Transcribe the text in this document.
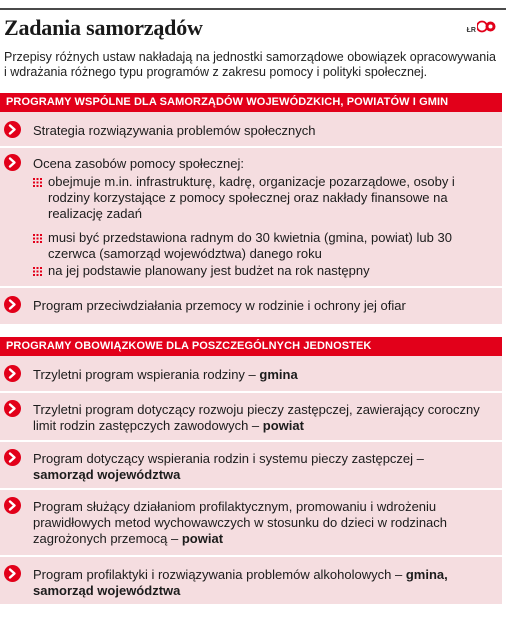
Zadania samorządów	ŁR
Przepisy różnych ustaw nakładają na jednostki samorządowe obowiązek opracowywania i wdrażania różnego typu programów z zakresu pomocy i polityki społecznej.
PROGRAMY WSPÓLNE DLA SAMORZĄDÓW WOJEWÓDZKICH, POWIATÓW I GMIN
Strategia rozwiązywania problemów społecznych
Ocena zasobów pomocy społecznej:
obejmuje m.in. infrastrukturę, kadrę, organizacje pozarządowe, osoby i rodziny korzystające z pomocy społecznej oraz nakłady finansowe na realizację zadań
musi być przedstawiona radnym do 30 kwietnia (gmina, powiat) lub 30 czerwca (samorząd województwa) danego roku
na jej podstawie planowany jest budżet na rok następny
Program przeciwdziałania przemocy w rodzinie i ochrony jej ofiar
PROGRAMY OBOWIĄZKOWE DLA POSZCZEGÓLNYCH JEDNOSTEK
Trzyletni program wspierania rodziny – gmina
Trzyletni program dotyczący rozwoju pieczy zastępczej, zawierający coroczny limit rodzin zastępczych zawodowych – powiat
Program dotyczący wspierania rodzin i systemu pieczy zastępczej – samorząd województwa
Program służący działaniom profilaktycznym, promowaniu i wdrożeniu prawidłowych metod wychowawczych w stosunku do dzieci w rodzinach zagrożonych przemocą – powiat
Program profilaktyki i rozwiązywania problemów alkoholowych – gmina, samorząd województwa
